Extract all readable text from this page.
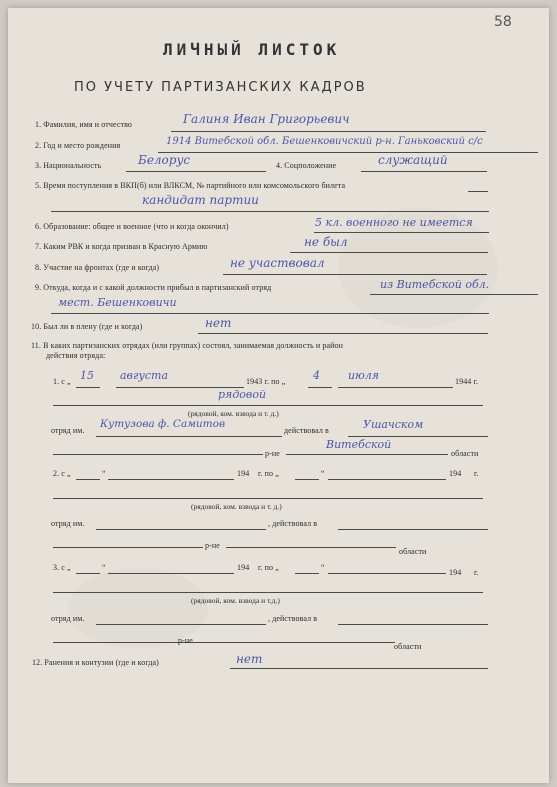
58
ЛИЧНЫЙ ЛИСТОК
ПО УЧЕТУ ПАРТИЗАНСКИХ КАДРОВ
1. Фамилия, имя и отчество	Галиня Иван Григорьевич
2. Год и место рождения	1914 Витебской обл. Бешенковичский р-н. Ганьковский с/с
3. Национальность	Белорус	4. Соцположение	служащий
5. Время поступления в ВКП(б) или ВЛКСМ, № партийного или комсомольского билета
кандидат партии
6. Образование: общее и военное (что и когда окончил)	5 кл. военного не имеется
7. Каким РВК и когда призван в Красную Армию	не был
8. Участие на фронтах (где и когда)	не участвовал
9. Откуда, когда и с какой должности прибыл в партизанский отряд	из Витебской обл.
мест. Бешенковичи
10. Был ли в плену (где и когда)	нет
11. В каких партизанских отрядах (или группах) состоял, занимаемая должность и район
действия отряда:
1. с „ 15 августа	1943 г. по „	4	июля	1944 г.
рядовой
(рядовой, ком. взвода и т. д.)
отряд им.
Кутузова ф. Самитов
действовал в	Ушачском
р-не
Витебской
области
2. с „	“	194 г. по „	“	194 г.
(рядовой, ком. взвода и т. д.)
отряд им.	, действовал в
р-не
области
3. с „	“	194 г. по „	“
194 г.
(рядовой, ком. взвода и т.д.)
отряд им.	, действовал в
р-не
области
12. Ранения и контузии (где и когда)	нет
